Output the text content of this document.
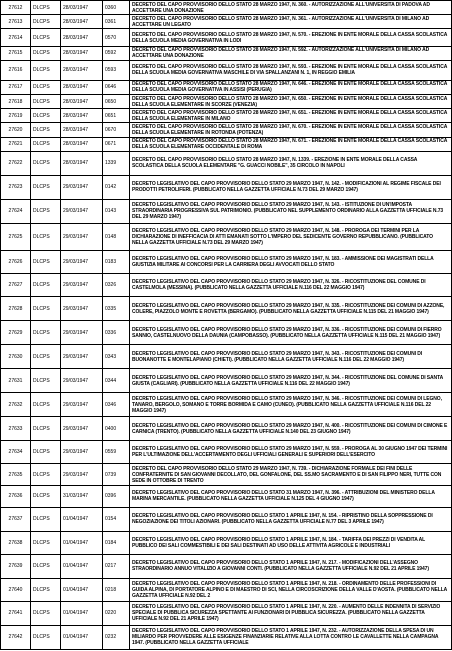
27612	DLCPS	28/03/1947	0360	DECRETO DEL CAPO PROVVISORIO DELLO STATO 28 MARZO 1947, N. 360. - AUTORIZZAZIONE ALL'UNIVERSITA DI PADOVA AD ACCETTARE UNA DONAZIONE
27613	DLCPS	28/03/1947	0361	DECRETO DEL CAPO PROVVISORIO DELLO STATO 28 MARZO 1947, N. 361. - AUTORIZZAZIONE ALL'UNIVERSITA DI MILANO AD ACCETTARE UN LEGATO
27614	DLCPS	28/03/1947	0570	DECRETO DEL CAPO PROVVISORIO DELLO STATO 28 MARZO 1947, N. 570. - EREZIONE IN ENTE MORALE DELLA CASSA SCOLASTICA DELLA SCUOLA MEDIA GOVERNATIVA IN LODI
27615	DLCPS	28/03/1947	0592	DECRETO DEL CAPO PROVVISORIO DELLO STATO 28 MARZO 1947, N. 592. - AUTORIZZAZIONE ALL'UNIVERSITA DI MILANO AD ACCETTARE UNA DONAZIONE
27616	DLCPS	28/03/1947	0593	DECRETO DEL CAPO PROVVISORIO DELLO STATO 28 MARZO 1947, N. 593. - EREZIONE IN ENTE MORALE DELLA CASSA SCOLASTICA DELLA SCUOLA MEDIA GOVERNATIVA MASCHILE DI VIA SPALLANZANI N. 1, IN REGGIO EMILIA
27617	DLCPS	28/03/1947	0646	DECRETO DEL CAPO PROVVISORIO DELLO STATO 28 MARZO 1947, N. 646. - EREZIONE IN ENTE MORALE DELLA CASSA SCOLASTICA DELLA SCUOLA MEDIA GOVERNATIVA IN ASSISI (PERUGIA)
27618	DLCPS	28/03/1947	0650	DECRETO DEL CAPO PROVVISORIO DELLO STATO 28 MARZO 1947, N. 650. - EREZIONE IN ENTE MORALE DELLA CASSA SCOLASTICA DELLA SCUOLA ELEMENTARE IN SCORZE (VENEZIA)
27619	DLCPS	28/03/1947	0651	DECRETO DEL CAPO PROVVISORIO DELLO STATO 28 MARZO 1947, N. 651. - EREZIONE IN ENTE MORALE DELLA CASSA SCOLASTICA DELLA SCUOLA ELEMENTARE IN MILANO
27620	DLCPS	28/03/1947	0670	DECRETO DEL CAPO PROVVISORIO DELLO STATO 28 MARZO 1947, N. 670. - EREZIONE IN ENTE MORALE DELLA CASSA SCOLASTICA DELLA SCUOLA ELEMENTARE IN ROTONDA (POTENZA)
27621	DLCPS	28/03/1947	0671	DECRETO DEL CAPO PROVVISORIO DELLO STATO 28 MARZO 1947, N. 671. - EREZIONE IN ENTE MORALE DELLA CASSA SCOLASTICA DELLA SCUOLA ELEMENTARE OCCIDENTALE DI ROMA
27622	DLCPS	28/03/1947	1339	DECRETO DEL CAPO PROVVISORIO DELLO STATO 28 MARZO 1947, N. 1339. - EREZIONE IN ENTE MORALE DELLA CASSA SCOLASTICA DELLA SCUOLA ELEMENTARE "G. GUACCI NOBILE", 35 CIRCOLO IN NAPOLI
27623	DLCPS	29/03/1947	0142	DECRETO LEGISLATIVO DEL CAPO PROVVISORIO DELLO STATO 29 MARZO 1947, N. 142. - MODIFICAZIONI AL REGIME FISCALE DEI PRODOTTI PETROLIFERI. (PUBBLICATO NELLA GAZZETTA UFFICIALE N.73 DEL 29 MARZO 1947)
27624	DLCPS	29/03/1947	0143	DECRETO LEGISLATIVO DEL CAPO PROVVISORIO DELLO STATO 29 MARZO 1947, N. 143. - ISTITUZIONE DI UN'IMPOSTA STRAORDINARIA PROGRESSIVA SUL PATRIMONIO. (PUBBLICATO NEL SUPPLEMENTO ORDINARIO ALLA GAZZETTA UFFICIALE N.73 DEL 29 MARZO 1947)
27625	DLCPS	29/03/1947	0148	DECRETO LEGISLATIVO DEL CAPO PROVVISORIO DELLO STATO 29 MARZO 1947, N. 148. - PROROGA DEI TERMINI PER LA DICHIARAZIONE DI INEFFICACIA DI ATTI EMANATI SOTTO L'IMPERO DEL SEDICENTE GOVERNO REPUBBLICANO. (PUBBLICATO NELLA GAZZETTA UFFICIALE N.73 DEL 29 MARZO 1947)
27626	DLCPS	29/03/1947	0183	DECRETO LEGISLATIVO DEL CAPO PROVVISORIO DELLO STATO 29 MARZO 1947, N. 183. - AMMISSIONE DEI MAGISTRATI DELLA GIUSTIZIA MILITARE AI CONCORSI PER LA CARRIERA DEGLI AVVOCATI DELLO STATO
27627	DLCPS	29/03/1947	0326	DECRETO LEGISLATIVO DEL CAPO PROVVISORIO DELLO STATO 29 MARZO 1947, N. 326. - RICOSTITUZIONE DEL COMUNE DI CASTELMOLA (MESSINA). (PUBBLICATO NELLA GAZZETTA UFFICIALE N.116 DEL 22 MAGGIO 1947)
27628	DLCPS	29/03/1947	0335	DECRETO LEGISLATIVO DEL CAPO PROVVISORIO DELLO STATO 29 MARZO 1947, N. 335. - RICOSTITUZIONE DEI COMUNI DI AZZONE, COLERE, PIAZZOLO MONTE E ROVETTA (BERGAMO). (PUBBLICATO NELLA GAZZETTA UFFICIALE N.115 DEL 21 MAGGIO 1947)
27629	DLCPS	29/03/1947	0336	DECRETO LEGISLATIVO DEL CAPO PROVVISORIO DELLO STATO 29 MARZO 1947, N. 336. - RICOSTITUZIONE DEI COMUNI DI FIERRO SANNIO, CASTELNUOVO DELLA DAUNIA (CAMPOBASSO). (PUBBLICATO NELLA GAZZETTA UFFICIALE N.115 DEL 21 MAGGIO 1947)
27630	DLCPS	29/03/1947	0343	DECRETO LEGISLATIVO DEL CAPO PROVVISORIO DELLO STATO 29 MARZO 1947, N. 343. - RICOSTITUZIONE DEI COMUNI DI BUONANOTTE E MONTELAPIANO (CHIETI). (PUBBLICATO NELLA GAZZETTA UFFICIALE N.116 DEL 22 MAGGIO 1947)
27631	DLCPS	29/03/1947	0344	DECRETO LEGISLATIVO DEL CAPO PROVVISORIO DELLO STATO 29 MARZO 1947, N. 344. - RICOSTITUZIONE DEL COMUNE DI SANTA GIUSTA (CAGLIARI). (PUBBLICATO NELLA GAZZETTA UFFICIALE N.116 DEL 22 MAGGIO 1947)
27632	DLCPS	29/03/1947	0346	DECRETO LEGISLATIVO DEL CAPO PROVVISORIO DELLO STATO 29 MARZO 1947, N. 346. - RICOSTITUZIONE DEI COMUNI DI LEGNO, TANARO, BERGOLO, SOMANO E TORRE BORMIDA E CAMO (CUNEO). (PUBBLICATO NELLA GAZZETTA UFFICIALE N.116 DEL 22 MAGGIO 1947)
27633	DLCPS	29/03/1947	0400	DECRETO LEGISLATIVO DEL CAPO PROVVISORIO DELLO STATO 29 MARZO 1947, N. 400. - RICOSTITUZIONE DEI COMUNI DI CIMONE E CARNICA (TRENTO). (PUBBLICATO NELLA GAZZETTA UFFICIALE N.140 DEL 23 GIUGNO 1947)
27634	DLCPS	29/03/1947	0559	DECRETO LEGISLATIVO DEL CAPO PROVVISORIO DELLO STATO 29 MARZO 1947, N. 559. - PROROGA AL 30 GIUGNO 1947 DEI TERMINI PER L'ULTIMAZIONE DELL'ACCERTAMENTO DEGLI UFFICIALI GENERALI E SUPERIORI DELL'ESERCITO
27635	DLCPS	29/03/1947	0739	DECRETO DEL CAPO PROVVISORIO DELLO STATO 29 MARZO 1947, N. 739. - DICHIARAZIONE FORMALE DEI FINI DELLE CONFRATERNITE DI SAN GIOVANNI DECOLLATO, DEL GONFALONE, DEL SS.MO SACRAMENTO E DI SAN FILIPPO NERI, TUTTE CON SEDE IN OTTOBRE DI TRENTO
27636	DLCPS	31/03/1947	0396	DECRETO LEGISLATIVO DEL CAPO PROVVISORIO DELLO STATO 31 MARZO 1947, N. 396. - ATTRIBUZIONI DEL MINISTERO DELLA MARINA MERCANTILE. (PUBBLICATO NELLA GAZZETTA UFFICIALE N.125 DEL 4 GIUGNO 1947)
27637	DLCPS	01/04/1947	0154	DECRETO LEGISLATIVO DEL CAPO PROVVISORIO DELLO STATO 1 APRILE 1947, N. 154. - RIPRISTINO DELLA SOPPRESSIONE DI NEGOZIAZIONE DEI TITOLI AZIONARI. (PUBBLICATO NELLA GAZZETTA UFFICIALE N.77 DEL 3 APRILE 1947)
27638	DLCPS	01/04/1947	0184	DECRETO LEGISLATIVO DEL CAPO PROVVISORIO DELLO STATO 1 APRILE 1947, N. 184. - TARIFFA DEI PREZZI DI VENDITA AL PUBBLICO DEI SALI COMMESTIBILI E DEI SALI DESTINATI AD USO DELLE ATTIVITA AGRICOLE E INDUSTRIALI
27639	DLCPS	01/04/1947	0217	DECRETO LEGISLATIVO DEL CAPO PROVVISORIO DELLO STATO 1 APRILE 1947, N. 217. - MODIFICAZIONI DELL'ASSEGNO STRAORDINARIO ANNUO VITALIZIO A GIOVANNI CONTI. (PUBBLICATO NELLA GAZZETTA UFFICIALE N.92 DEL 21 APRILE 1947)
27640	DLCPS	01/04/1947	0218	DECRETO LEGISLATIVO DEL CAPO PROVVISORIO DELLO STATO 1 APRILE 1947, N. 218. - ORDINAMENTO DELLE PROFESSIONI DI GUIDA ALPINA, DI PORTATORE ALPINO E DI MAESTRO DI SCI, NELLA CIRCOSCRIZIONE DELLA VALLE D'AOSTA. (PUBBLICATO NELLA GAZZETTA UFFICIALE N.92 DEL 2
27641	DLCPS	01/04/1947	0220	DECRETO LEGISLATIVO DEL CAPO PROVVISORIO DELLO STATO 1 APRILE 1947, N. 220. - AUMENTO DELLE INDENNITA DI SERVIZIO SPECIALE DI PUBBLICA SICUREZZA SPETTANTE AI FUNZIONARI DI PUBBLICA SICUREZZA. (PUBBLICATO NELLA GAZZETTA UFFICIALE N.92 DEL 21 APRILE 1947)
27642	DLCPS	01/04/1947	0232	DECRETO LEGISLATIVO DEL CAPO PROVVISORIO DELLO STATO 1 APRILE 1947, N. 232. - AUTORIZZAZIONE DELLA SPESA DI UN MILIARDO PER PROVVEDERE ALLE ESIGENZE FINANZIARIE RELATIVE ALLA LOTTA CONTRO LE CAVALLETTE NELLA CAMPAGNA 1947. (PUBBLICATO NELLA GAZZETTA UFFICIALE
